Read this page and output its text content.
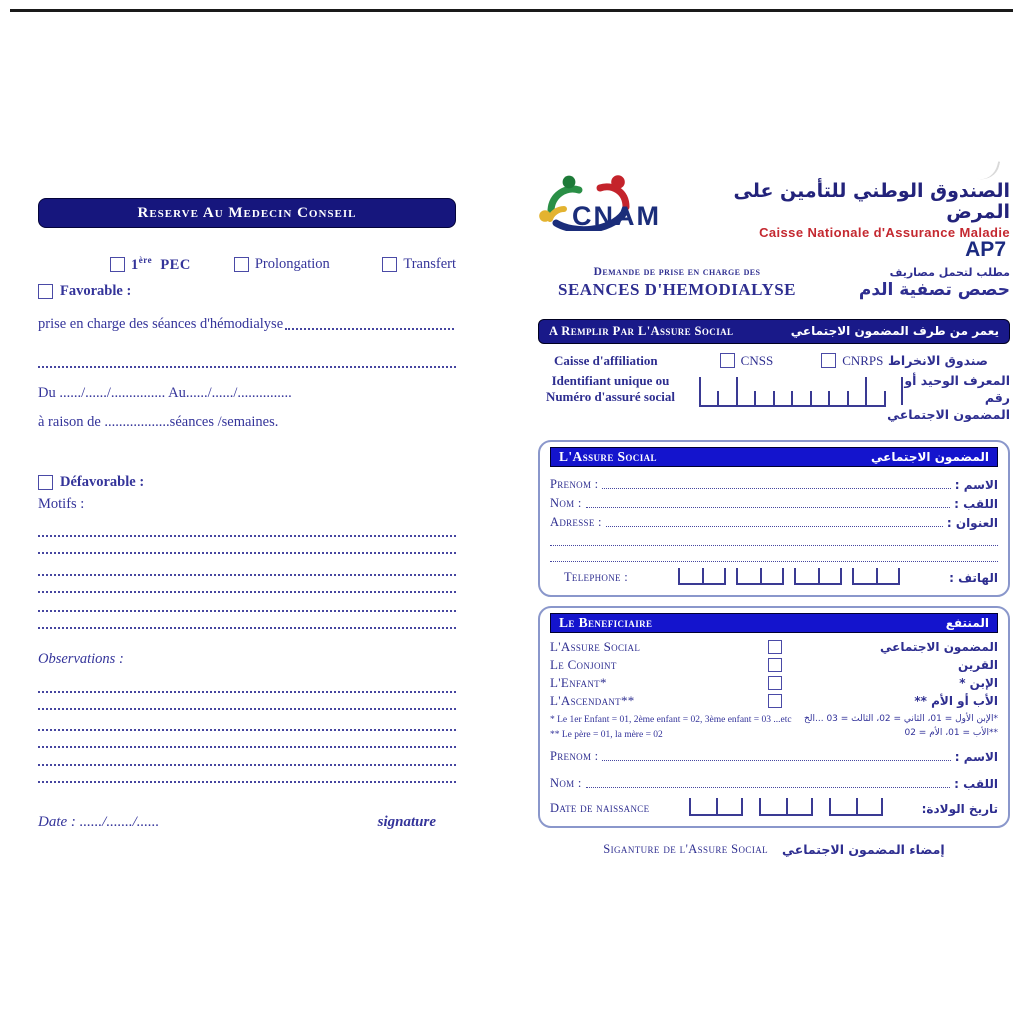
Reserve Au Medecin Conseil
1ère PEC	Prolongation	Transfert
Favorable :
prise en charge des séances d'hémodialyse
Du ....../....../............... Au....../....../...............
à raison de ..................séances /semaines.
Défavorable :
Motifs :
Observations :
Date : ....../......./......	signature
CNAM
الصندوق الوطني للتأمين على المرض
Caisse Nationale d'Assurance Maladie
AP7
Demande de prise en charge des
SEANCES D'HEMODIALYSE
مطلب لتحمل مصاريف
حصص تصفية الدم
A Remplir Par L'Assure Social	يعمر من طرف المضمون الاجتماعي
Caisse d'affiliation	CNSS	CNRPS صندوق الانخراط
Identifiant unique ou
Numéro d'assuré social
المعرف الوحيد أو رقم
المضمون الاجتماعي
L'Assure Social	المضمون الاجتماعي
Prenom :	الاسم :
Nom :	اللقب :
Adresse :	العنوان :
Telephone :	الهاتف :
Le Beneficiaire	المنتفع
L'Assure Social	المضمون الاجتماعي
Le Conjoint	القرين
L'Enfant*	الإبن *
L'Ascendant**	الأب أو الأم **
* Le 1er Enfant = 01, 2ème enfant = 02, 3ème enfant = 03 ...etc
** Le père = 01, la mère = 02
*الإبن الأول = 01، الثاني = 02، الثالث = 03 ...الخ
**الأب = 01، الأم = 02
Prenom :	الاسم :
Nom :	اللقب :
Date de naissance	تاريخ الولادة:
Siganture de l'Assure Social إمضاء المضمون الاجتماعي
